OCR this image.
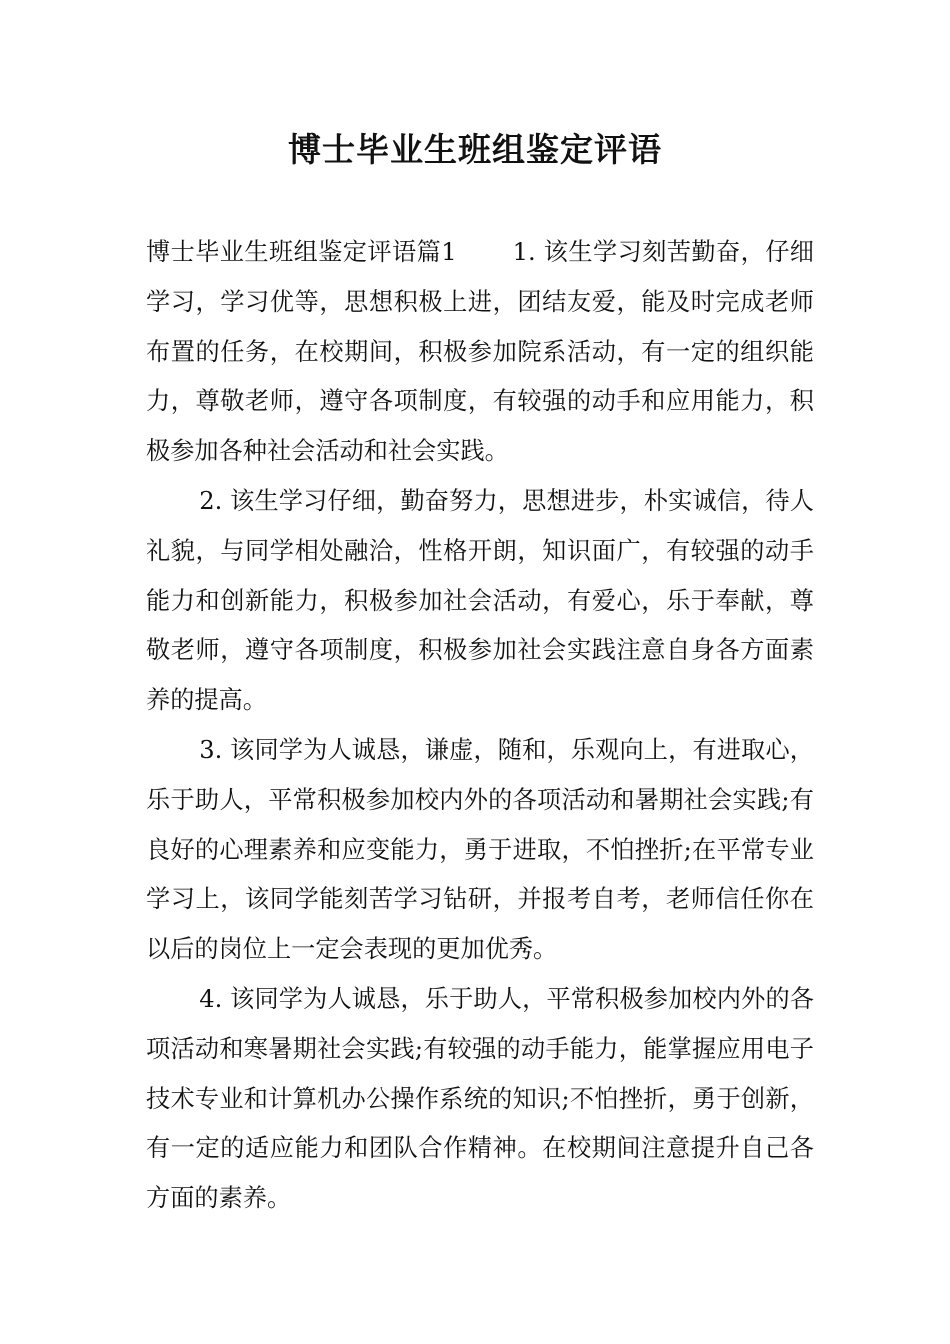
博士毕业生班组鉴定评语

博士毕业生班组鉴定评语篇1 1. 该生学习刻苦勤奋，仔细学习，学习优等，思想积极上进，团结友爱，能及时完成老师布置的任务，在校期间，积极参加院系活动，有一定的组织能力，尊敬老师，遵守各项制度，有较强的动手和应用能力，积极参加各种社会活动和社会实践。

2. 该生学习仔细，勤奋努力，思想进步，朴实诚信，待人礼貌，与同学相处融洽，性格开朗，知识面广，有较强的动手能力和创新能力，积极参加社会活动，有爱心，乐于奉献，尊敬老师，遵守各项制度，积极参加社会实践注意自身各方面素养的提高。

3. 该同学为人诚恳，谦虚，随和，乐观向上，有进取心，乐于助人，平常积极参加校内外的各项活动和暑期社会实践;有良好的心理素养和应变能力，勇于进取，不怕挫折;在平常专业学习上，该同学能刻苦学习钻研，并报考自考，老师信任你在以后的岗位上一定会表现的更加优秀。

4. 该同学为人诚恳，乐于助人，平常积极参加校内外的各项活动和寒暑期社会实践;有较强的动手能力，能掌握应用电子技术专业和计算机办公操作系统的知识;不怕挫折，勇于创新，有一定的适应能力和团队合作精神。在校期间注意提升自己各方面的素养。
